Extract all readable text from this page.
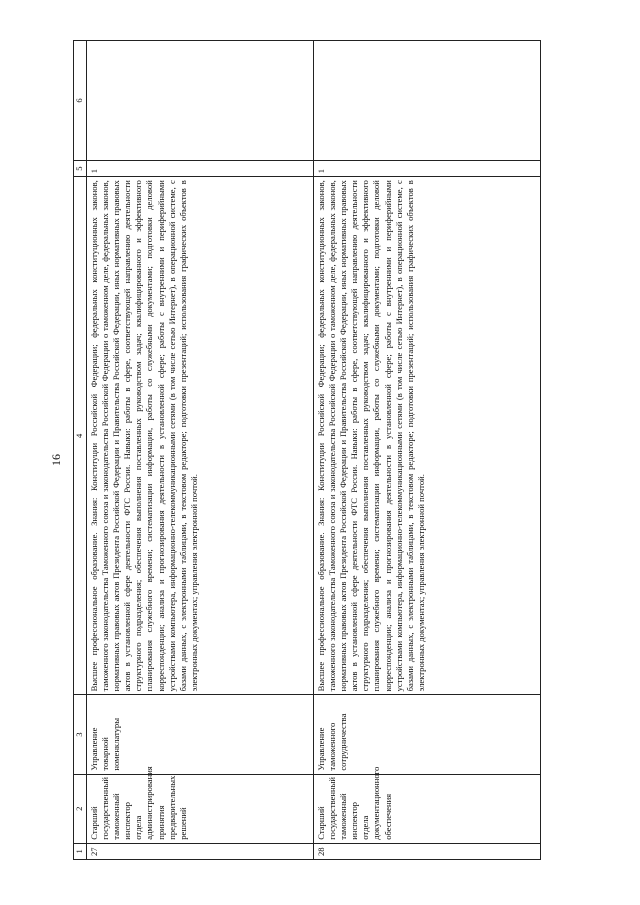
16
1	2	3	4	5	6
27	Старший государственный таможенный инспектор отдела администрирования принятия предварительных решений	Управление товарной номенклатуры	Высшее профессиональное образование. Знания: Конституции Российской Федерации; федеральных конституционных законов, таможенного законодательства Таможенного союза и законодательства Российской Федерации о таможенном деле, федеральных законов, нормативных правовых актов Президента Российской Федерации и Правительства Российской Федерации, иных нормативных правовых актов в установленной сфере деятельности ФТС России. Навыки: работы в сфере, соответствующей направлению деятельности структурного подразделения; обеспечения выполнения поставленных руководством задач; квалифицированного и эффективного планирования служебного времени; систематизации информации, работы со служебными документами; подготовки деловой корреспонденции; анализа и прогнозирования деятельности в установленной сфере; работы с внутренними и периферийными устройствами компьютера, информационно-телекоммуникационными сетями (в том числе сетью Интернет), в операционной системе, с базами данных, с электронными таблицами, в текстовом редакторе; подготовки презентаций; использования графических объектов в электронных документах; управления электронной почтой.	1	
28	Старший государственный таможенный инспектор отдела документационного обеспечения	Управление таможенного сотрудничества	Высшее профессиональное образование. Знания: Конституции Российской Федерации; федеральных конституционных законов, таможенного законодательства Таможенного союза и законодательства Российской Федерации о таможенном деле, федеральных законов, нормативных правовых актов Президента Российской Федерации и Правительства Российской Федерации, иных нормативных правовых актов в установленной сфере деятельности ФТС России. Навыки: работы в сфере, соответствующей направлению деятельности структурного подразделения; обеспечения выполнения поставленных руководством задач; квалифицированного и эффективного планирования служебного времени; систематизации информации, работы со служебными документами; подготовки деловой корреспонденции; анализа и прогнозирования деятельности в установленной сфере; работы с внутренними и периферийными устройствами компьютера, информационно-телекоммуникационными сетями (в том числе сетью Интернет), в операционной системе, с базами данных, с электронными таблицами, в текстовом редакторе; подготовки презентаций; использования графических объектов в электронных документах; управления электронной почтой.	1	
